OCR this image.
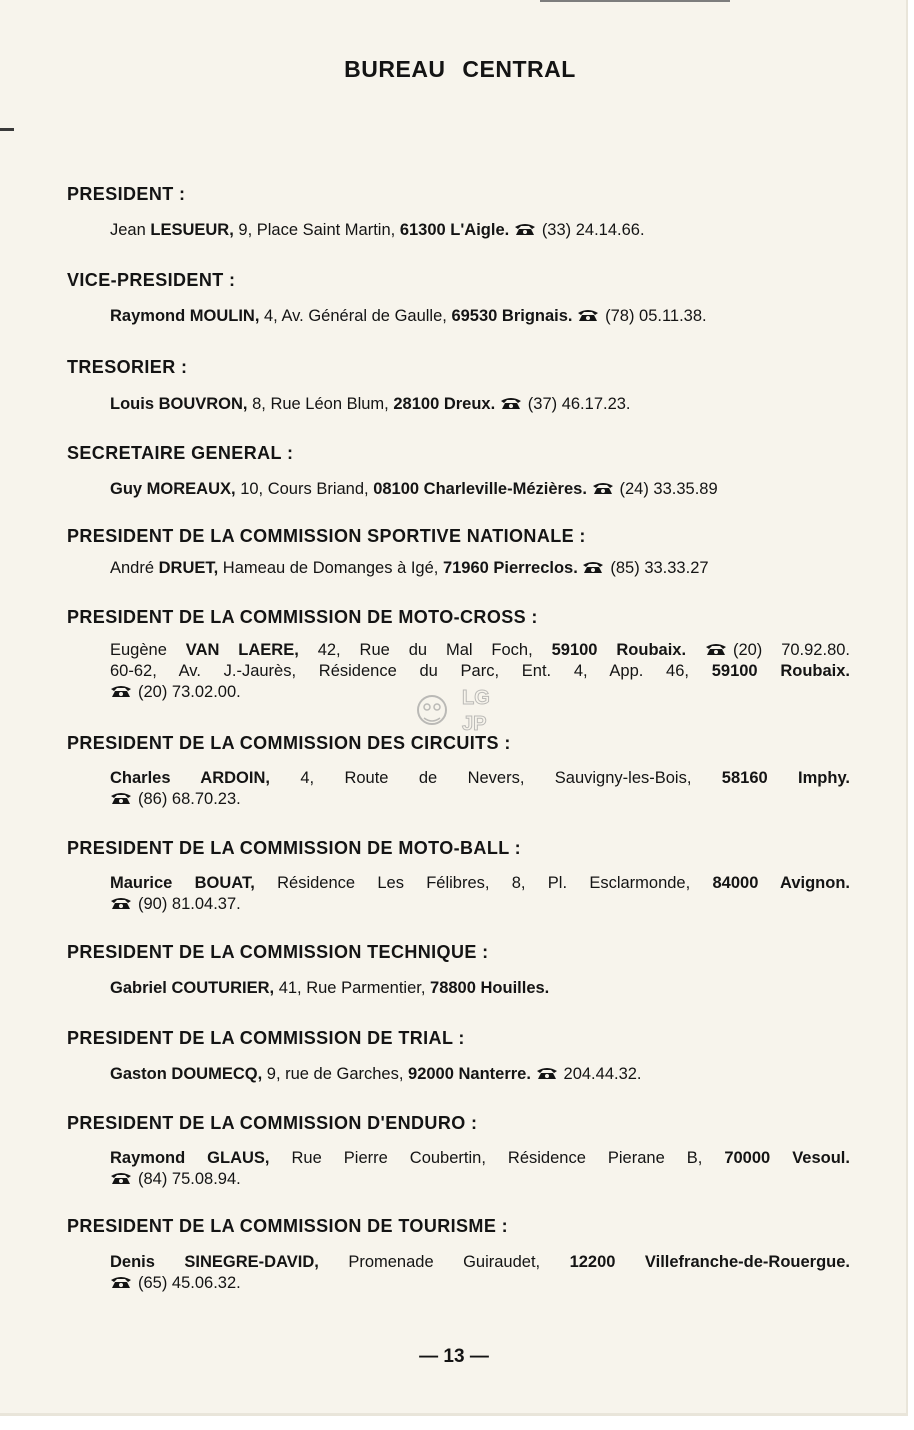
BUREAU CENTRAL
PRESIDENT :
Jean LESUEUR, 9, Place Saint Martin, 61300 L'Aigle. (33) 24.14.66.
VICE-PRESIDENT :
Raymond MOULIN, 4, Av. Général de Gaulle, 69530 Brignais. (78) 05.11.38.
TRESORIER :
Louis BOUVRON, 8, Rue Léon Blum, 28100 Dreux. (37) 46.17.23.
SECRETAIRE GENERAL :
Guy MOREAUX, 10, Cours Briand, 08100 Charleville-Mézières. (24) 33.35.89
PRESIDENT DE LA COMMISSION SPORTIVE NATIONALE :
André DRUET, Hameau de Domanges à Igé, 71960 Pierreclos. (85) 33.33.27
PRESIDENT DE LA COMMISSION DE MOTO-CROSS :
Eugène VAN LAERE, 42, Rue du Mal Foch, 59100 Roubaix.	(20) 70.92.80.
60-62, Av. J.-Jaurès, Résidence du Parc, Ent. 4, App. 46, 59100 Roubaix.
(20) 73.02.00.
PRESIDENT DE LA COMMISSION DES CIRCUITS :
Charles ARDOIN, 4, Route de Nevers, Sauvigny-les-Bois, 58160 Imphy.
(86) 68.70.23.
PRESIDENT DE LA COMMISSION DE MOTO-BALL :
Maurice BOUAT, Résidence Les Félibres, 8, Pl. Esclarmonde, 84000 Avignon.
(90) 81.04.37.
PRESIDENT DE LA COMMISSION TECHNIQUE :
Gabriel COUTURIER, 41, Rue Parmentier, 78800 Houilles.
PRESIDENT DE LA COMMISSION DE TRIAL :
Gaston DOUMECQ, 9, rue de Garches, 92000 Nanterre. 204.44.32.
PRESIDENT DE LA COMMISSION D'ENDURO :
Raymond GLAUS, Rue Pierre Coubertin, Résidence Pierane B, 70000 Vesoul.
(84) 75.08.94.
PRESIDENT DE LA COMMISSION DE TOURISME :
Denis SINEGRE-DAVID, Promenade Guiraudet, 12200 Villefranche-de-Rouergue.
(65) 45.06.32.
LG
JP
— 13 —
